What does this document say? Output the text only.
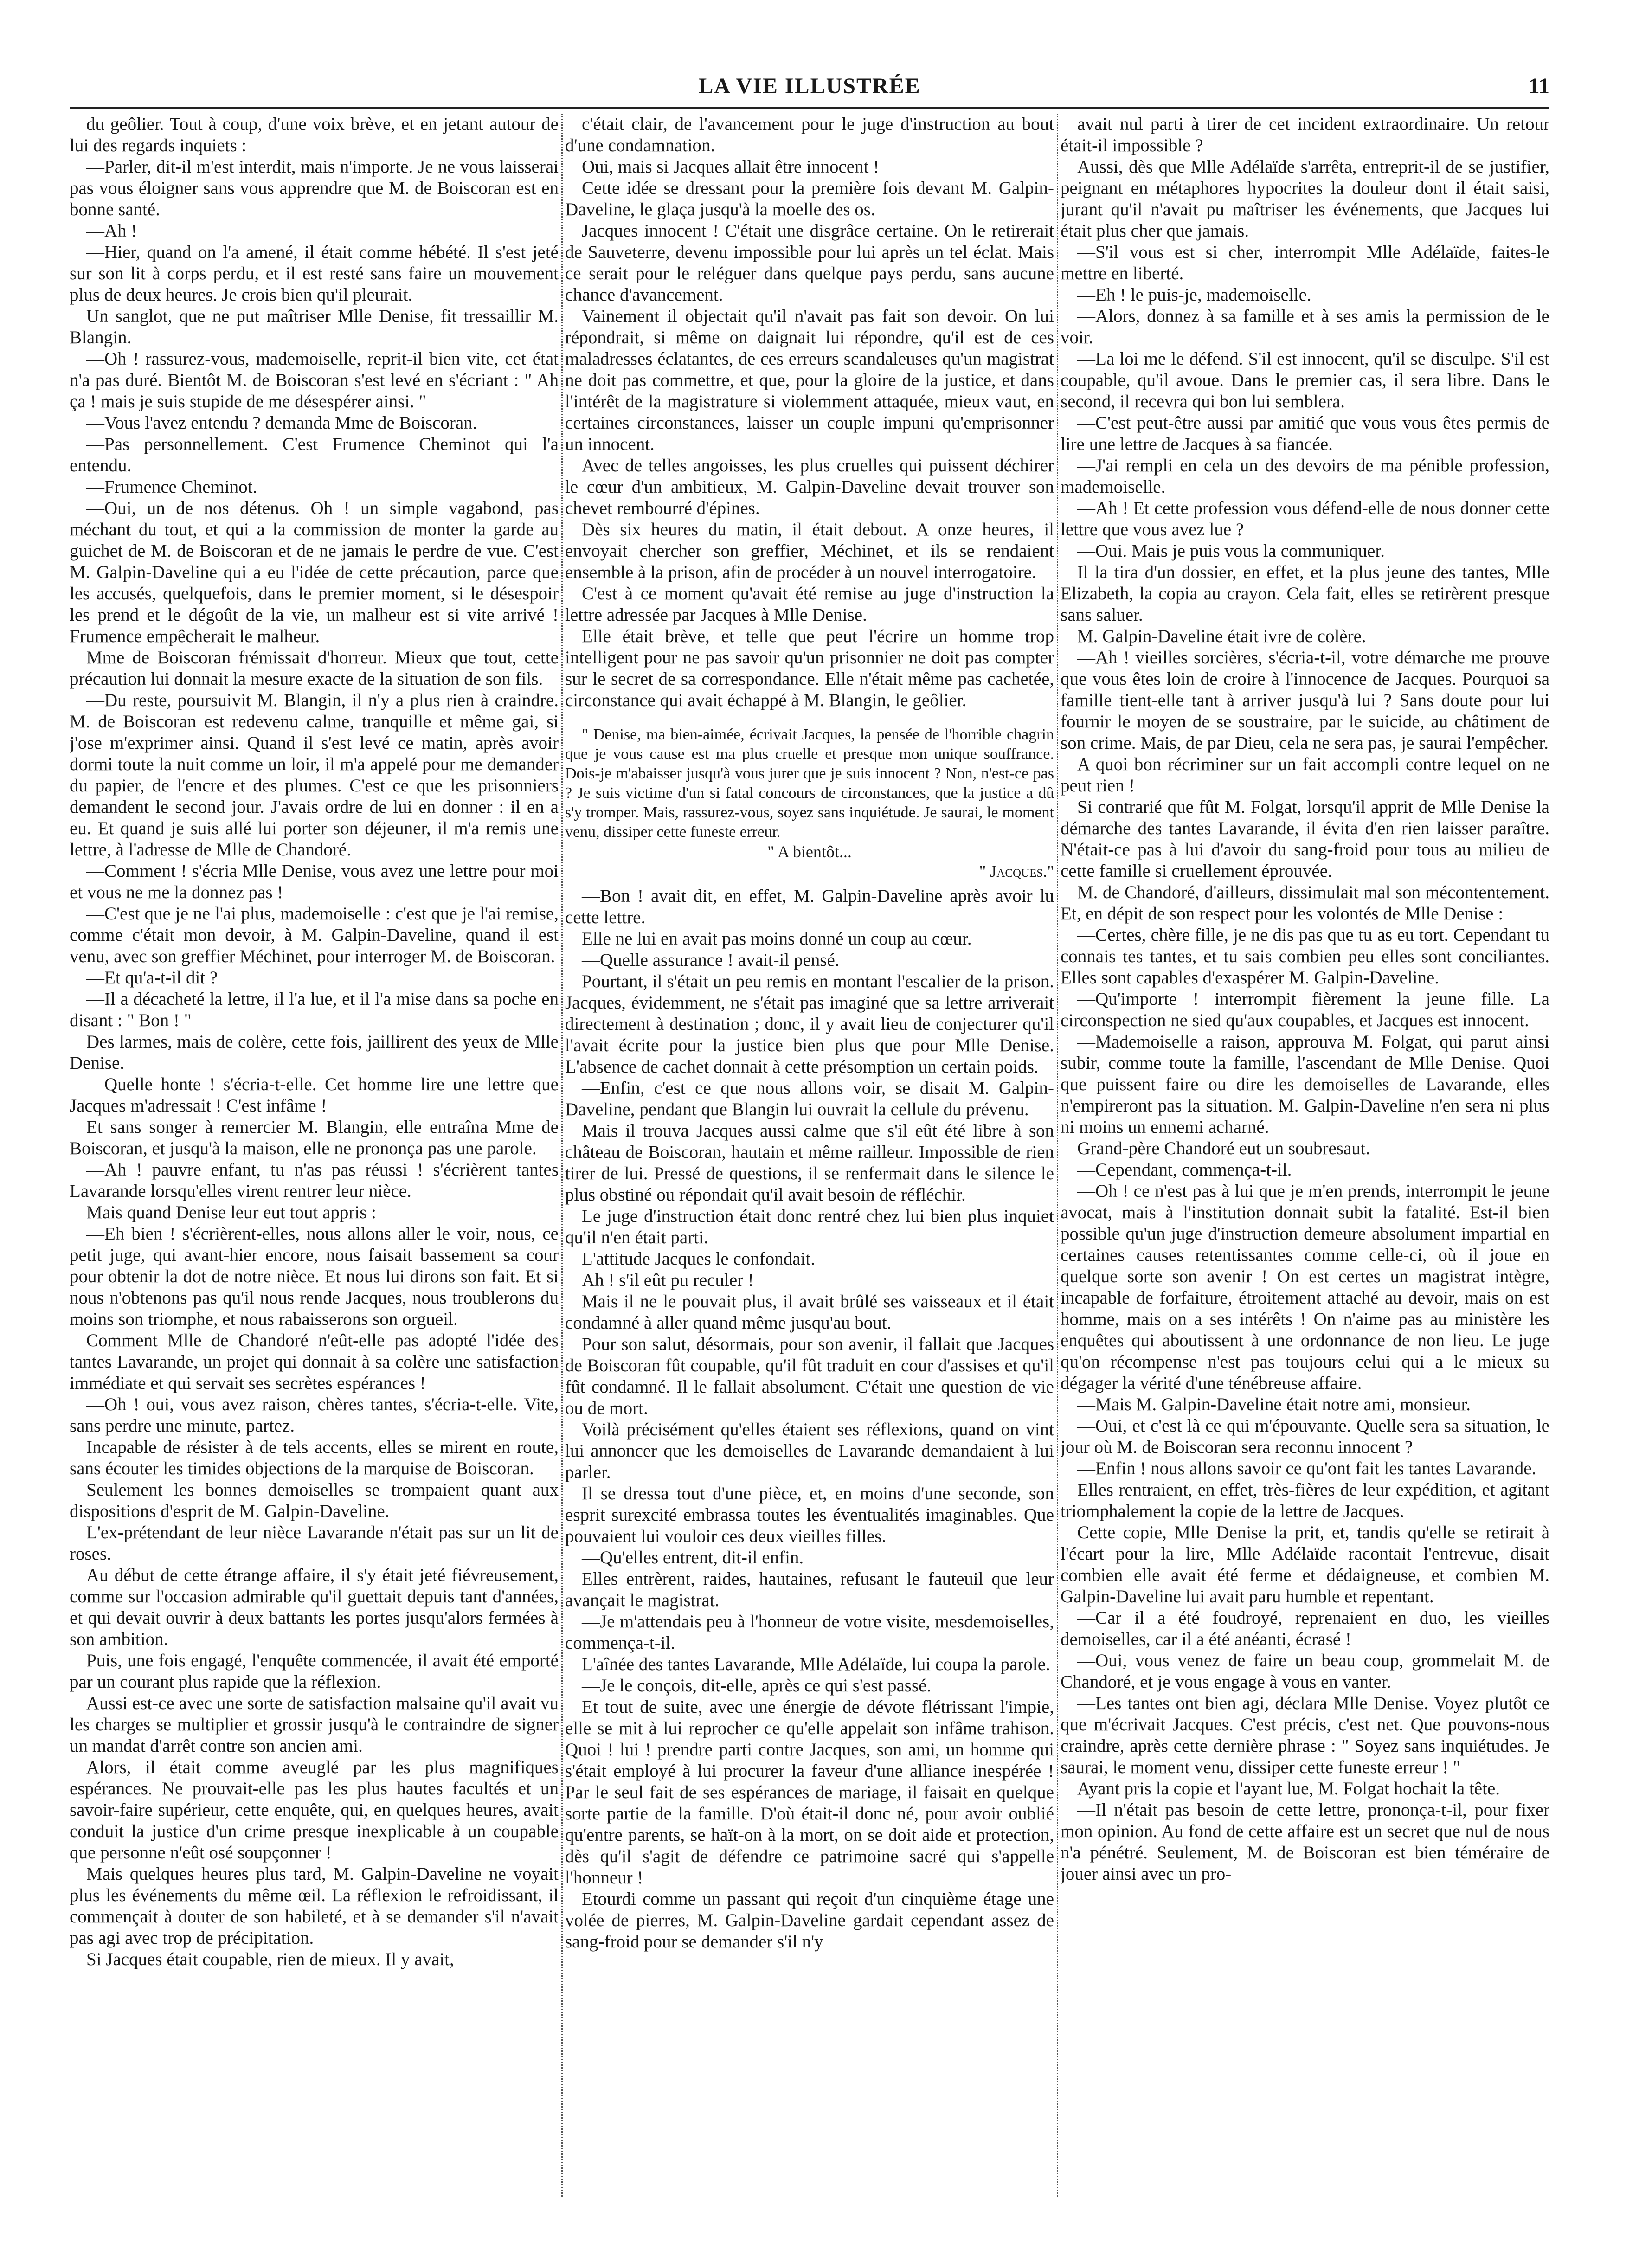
LA VIE ILLUSTRÉE	11

du geôlier. Tout à coup, d'une voix brève, et en jetant autour de lui des regards inquiets :

—Parler, dit-il m'est interdit, mais n'importe. Je ne vous laisserai pas vous éloigner sans vous apprendre que M. de Boiscoran est en bonne santé.

—Ah !

—Hier, quand on l'a amené, il était comme hébété. Il s'est jeté sur son lit à corps perdu, et il est resté sans faire un mouvement plus de deux heures. Je crois bien qu'il pleurait.

Un sanglot, que ne put maîtriser Mlle Denise, fit tressaillir M. Blangin.

—Oh ! rassurez-vous, mademoiselle, reprit-il bien vite, cet état n'a pas duré. Bientôt M. de Boiscoran s'est levé en s'écriant : " Ah ça ! mais je suis stupide de me désespérer ainsi. "

—Vous l'avez entendu ? demanda Mme de Boiscoran.

—Pas personnellement. C'est Frumence Cheminot qui l'a entendu.

—Frumence Cheminot.

—Oui, un de nos détenus. Oh ! un simple vagabond, pas méchant du tout, et qui a la commission de monter la garde au guichet de M. de Boiscoran et de ne jamais le perdre de vue. C'est M. Galpin-Daveline qui a eu l'idée de cette précaution, parce que les accusés, quelquefois, dans le premier moment, si le désespoir les prend et le dégoût de la vie, un malheur est si vite arrivé ! Frumence empêcherait le malheur.

Mme de Boiscoran frémissait d'horreur. Mieux que tout, cette précaution lui donnait la mesure exacte de la situation de son fils.

—Du reste, poursuivit M. Blangin, il n'y a plus rien à craindre. M. de Boiscoran est redevenu calme, tranquille et même gai, si j'ose m'exprimer ainsi. Quand il s'est levé ce matin, après avoir dormi toute la nuit comme un loir, il m'a appelé pour me demander du papier, de l'encre et des plumes. C'est ce que les prisonniers demandent le second jour. J'avais ordre de lui en donner : il en a eu. Et quand je suis allé lui porter son déjeuner, il m'a remis une lettre, à l'adresse de Mlle de Chandoré.

—Comment ! s'écria Mlle Denise, vous avez une lettre pour moi et vous ne me la donnez pas !

—C'est que je ne l'ai plus, mademoiselle : c'est que je l'ai remise, comme c'était mon devoir, à M. Galpin-Daveline, quand il est venu, avec son greffier Méchinet, pour interroger M. de Boiscoran.

—Et qu'a-t-il dit ?

—Il a décacheté la lettre, il l'a lue, et il l'a mise dans sa poche en disant : " Bon ! "

Des larmes, mais de colère, cette fois, jaillirent des yeux de Mlle Denise.

—Quelle honte ! s'écria-t-elle. Cet homme lire une lettre que Jacques m'adressait ! C'est infâme !

Et sans songer à remercier M. Blangin, elle entraîna Mme de Boiscoran, et jusqu'à la maison, elle ne prononça pas une parole.

—Ah ! pauvre enfant, tu n'as pas réussi ! s'écrièrent tantes Lavarande lorsqu'elles virent rentrer leur nièce.

Mais quand Denise leur eut tout appris :

—Eh bien ! s'écrièrent-elles, nous allons aller le voir, nous, ce petit juge, qui avant-hier encore, nous faisait bassement sa cour pour obtenir la dot de notre nièce. Et nous lui dirons son fait. Et si nous n'obtenons pas qu'il nous rende Jacques, nous troublerons du moins son triomphe, et nous rabaisserons son orgueil.

Comment Mlle de Chandoré n'eût-elle pas adopté l'idée des tantes Lavarande, un projet qui donnait à sa colère une satisfaction immédiate et qui servait ses secrètes espérances !

—Oh ! oui, vous avez raison, chères tantes, s'écria-t-elle. Vite, sans perdre une minute, partez.

Incapable de résister à de tels accents, elles se mirent en route, sans écouter les timides objections de la marquise de Boiscoran.

Seulement les bonnes demoiselles se trompaient quant aux dispositions d'esprit de M. Galpin-Daveline.

L'ex-prétendant de leur nièce Lavarande n'était pas sur un lit de roses.

Au début de cette étrange affaire, il s'y était jeté fiévreusement, comme sur l'occasion admirable qu'il guettait depuis tant d'années, et qui devait ouvrir à deux battants les portes jusqu'alors fermées à son ambition.

Puis, une fois engagé, l'enquête commencée, il avait été emporté par un courant plus rapide que la réflexion.

Aussi est-ce avec une sorte de satisfaction malsaine qu'il avait vu les charges se multiplier et grossir jusqu'à le contraindre de signer un mandat d'arrêt contre son ancien ami.

Alors, il était comme aveuglé par les plus magnifiques espérances. Ne prouvait-elle pas les plus hautes facultés et un savoir-faire supérieur, cette enquête, qui, en quelques heures, avait conduit la justice d'un crime presque inexplicable à un coupable que personne n'eût osé soupçonner !

Mais quelques heures plus tard, M. Galpin-Daveline ne voyait plus les événements du même œil. La réflexion le refroidissant, il commençait à douter de son habileté, et à se demander s'il n'avait pas agi avec trop de précipitation.

Si Jacques était coupable, rien de mieux. Il y avait,

c'était clair, de l'avancement pour le juge d'instruction au bout d'une condamnation.

Oui, mais si Jacques allait être innocent !

Cette idée se dressant pour la première fois devant M. Galpin-Daveline, le glaça jusqu'à la moelle des os.

Jacques innocent ! C'était une disgrâce certaine. On le retirerait de Sauveterre, devenu impossible pour lui après un tel éclat. Mais ce serait pour le reléguer dans quelque pays perdu, sans aucune chance d'avancement.

Vainement il objectait qu'il n'avait pas fait son devoir. On lui répondrait, si même on daignait lui répondre, qu'il est de ces maladresses éclatantes, de ces erreurs scandaleuses qu'un magistrat ne doit pas commettre, et que, pour la gloire de la justice, et dans l'intérêt de la magistrature si violemment attaquée, mieux vaut, en certaines circonstances, laisser un couple impuni qu'emprisonner un innocent.

Avec de telles angoisses, les plus cruelles qui puissent déchirer le cœur d'un ambitieux, M. Galpin-Daveline devait trouver son chevet rembourré d'épines.

Dès six heures du matin, il était debout. A onze heures, il envoyait chercher son greffier, Méchinet, et ils se rendaient ensemble à la prison, afin de procéder à un nouvel interrogatoire.

C'est à ce moment qu'avait été remise au juge d'instruction la lettre adressée par Jacques à Mlle Denise.

Elle était brève, et telle que peut l'écrire un homme trop intelligent pour ne pas savoir qu'un prisonnier ne doit pas compter sur le secret de sa correspondance. Elle n'était même pas cachetée, circonstance qui avait échappé à M. Blangin, le geôlier.

" Denise, ma bien-aimée, écrivait Jacques, la pensée de l'horrible chagrin que je vous cause est ma plus cruelle et presque mon unique souffrance. Dois-je m'abaisser jusqu'à vous jurer que je suis innocent ? Non, n'est-ce pas ? Je suis victime d'un si fatal concours de circonstances, que la justice a dû s'y tromper. Mais, rassurez-vous, soyez sans inquiétude. Je saurai, le moment venu, dissiper cette funeste erreur.

" A bientôt...

" Jacques."

—Bon ! avait dit, en effet, M. Galpin-Daveline après avoir lu cette lettre.

Elle ne lui en avait pas moins donné un coup au cœur.

—Quelle assurance ! avait-il pensé.

Pourtant, il s'était un peu remis en montant l'escalier de la prison. Jacques, évidemment, ne s'était pas imaginé que sa lettre arriverait directement à destination ; donc, il y avait lieu de conjecturer qu'il l'avait écrite pour la justice bien plus que pour Mlle Denise. L'absence de cachet donnait à cette présomption un certain poids.

—Enfin, c'est ce que nous allons voir, se disait M. Galpin-Daveline, pendant que Blangin lui ouvrait la cellule du prévenu.

Mais il trouva Jacques aussi calme que s'il eût été libre à son château de Boiscoran, hautain et même railleur. Impossible de rien tirer de lui. Pressé de questions, il se renfermait dans le silence le plus obstiné ou répondait qu'il avait besoin de réfléchir.

Le juge d'instruction était donc rentré chez lui bien plus inquiet qu'il n'en était parti.

L'attitude Jacques le confondait.

Ah ! s'il eût pu reculer !

Mais il ne le pouvait plus, il avait brûlé ses vaisseaux et il était condamné à aller quand même jusqu'au bout.

Pour son salut, désormais, pour son avenir, il fallait que Jacques de Boiscoran fût coupable, qu'il fût traduit en cour d'assises et qu'il fût condamné. Il le fallait absolument. C'était une question de vie ou de mort.

Voilà précisément qu'elles étaient ses réflexions, quand on vint lui annoncer que les demoiselles de Lavarande demandaient à lui parler.

Il se dressa tout d'une pièce, et, en moins d'une seconde, son esprit surexcité embrassa toutes les éventualités imaginables. Que pouvaient lui vouloir ces deux vieilles filles.

—Qu'elles entrent, dit-il enfin.

Elles entrèrent, raides, hautaines, refusant le fauteuil que leur avançait le magistrat.

—Je m'attendais peu à l'honneur de votre visite, mesdemoiselles, commença-t-il.

L'aînée des tantes Lavarande, Mlle Adélaïde, lui coupa la parole.

—Je le conçois, dit-elle, après ce qui s'est passé.

Et tout de suite, avec une énergie de dévote flétrissant l'impie, elle se mit à lui reprocher ce qu'elle appelait son infâme trahison. Quoi ! lui ! prendre parti contre Jacques, son ami, un homme qui s'était employé à lui procurer la faveur d'une alliance inespérée ! Par le seul fait de ses espérances de mariage, il faisait en quelque sorte partie de la famille. D'où était-il donc né, pour avoir oublié qu'entre parents, se haït-on à la mort, on se doit aide et protection, dès qu'il s'agit de défendre ce patrimoine sacré qui s'appelle l'honneur !

Etourdi comme un passant qui reçoit d'un cinquième étage une volée de pierres, M. Galpin-Daveline gardait cependant assez de sang-froid pour se demander s'il n'y

avait nul parti à tirer de cet incident extraordinaire. Un retour était-il impossible ?

Aussi, dès que Mlle Adélaïde s'arrêta, entreprit-il de se justifier, peignant en métaphores hypocrites la douleur dont il était saisi, jurant qu'il n'avait pu maîtriser les événements, que Jacques lui était plus cher que jamais.

—S'il vous est si cher, interrompit Mlle Adélaïde, faites-le mettre en liberté.

—Eh ! le puis-je, mademoiselle.

—Alors, donnez à sa famille et à ses amis la permission de le voir.

—La loi me le défend. S'il est innocent, qu'il se disculpe. S'il est coupable, qu'il avoue. Dans le premier cas, il sera libre. Dans le second, il recevra qui bon lui semblera.

—C'est peut-être aussi par amitié que vous vous êtes permis de lire une lettre de Jacques à sa fiancée.

—J'ai rempli en cela un des devoirs de ma pénible profession, mademoiselle.

—Ah ! Et cette profession vous défend-elle de nous donner cette lettre que vous avez lue ?

—Oui. Mais je puis vous la communiquer.

Il la tira d'un dossier, en effet, et la plus jeune des tantes, Mlle Elizabeth, la copia au crayon. Cela fait, elles se retirèrent presque sans saluer.

M. Galpin-Daveline était ivre de colère.

—Ah ! vieilles sorcières, s'écria-t-il, votre démarche me prouve que vous êtes loin de croire à l'innocence de Jacques. Pourquoi sa famille tient-elle tant à arriver jusqu'à lui ? Sans doute pour lui fournir le moyen de se soustraire, par le suicide, au châtiment de son crime. Mais, de par Dieu, cela ne sera pas, je saurai l'empêcher.

A quoi bon récriminer sur un fait accompli contre lequel on ne peut rien !

Si contrarié que fût M. Folgat, lorsqu'il apprit de Mlle Denise la démarche des tantes Lavarande, il évita d'en rien laisser paraître. N'était-ce pas à lui d'avoir du sang-froid pour tous au milieu de cette famille si cruellement éprouvée.

M. de Chandoré, d'ailleurs, dissimulait mal son mécontentement. Et, en dépit de son respect pour les volontés de Mlle Denise :

—Certes, chère fille, je ne dis pas que tu as eu tort. Cependant tu connais tes tantes, et tu sais combien peu elles sont conciliantes. Elles sont capables d'exaspérer M. Galpin-Daveline.

—Qu'importe ! interrompit fièrement la jeune fille. La circonspection ne sied qu'aux coupables, et Jacques est innocent.

—Mademoiselle a raison, approuva M. Folgat, qui parut ainsi subir, comme toute la famille, l'ascendant de Mlle Denise. Quoi que puissent faire ou dire les demoiselles de Lavarande, elles n'empireront pas la situation. M. Galpin-Daveline n'en sera ni plus ni moins un ennemi acharné.

Grand-père Chandoré eut un soubresaut.

—Cependant, commença-t-il.

—Oh ! ce n'est pas à lui que je m'en prends, interrompit le jeune avocat, mais à l'institution donnait subit la fatalité. Est-il bien possible qu'un juge d'instruction demeure absolument impartial en certaines causes retentissantes comme celle-ci, où il joue en quelque sorte son avenir ! On est certes un magistrat intègre, incapable de forfaiture, étroitement attaché au devoir, mais on est homme, mais on a ses intérêts ! On n'aime pas au ministère les enquêtes qui aboutissent à une ordonnance de non lieu. Le juge qu'on récompense n'est pas toujours celui qui a le mieux su dégager la vérité d'une ténébreuse affaire.

—Mais M. Galpin-Daveline était notre ami, monsieur.

—Oui, et c'est là ce qui m'épouvante. Quelle sera sa situation, le jour où M. de Boiscoran sera reconnu innocent ?

—Enfin ! nous allons savoir ce qu'ont fait les tantes Lavarande.

Elles rentraient, en effet, très-fières de leur expédition, et agitant triomphalement la copie de la lettre de Jacques.

Cette copie, Mlle Denise la prit, et, tandis qu'elle se retirait à l'écart pour la lire, Mlle Adélaïde racontait l'entrevue, disait combien elle avait été ferme et dédaigneuse, et combien M. Galpin-Daveline lui avait paru humble et repentant.

—Car il a été foudroyé, reprenaient en duo, les vieilles demoiselles, car il a été anéanti, écrasé !

—Oui, vous venez de faire un beau coup, grommelait M. de Chandoré, et je vous engage à vous en vanter.

—Les tantes ont bien agi, déclara Mlle Denise. Voyez plutôt ce que m'écrivait Jacques. C'est précis, c'est net. Que pouvons-nous craindre, après cette dernière phrase : " Soyez sans inquiétudes. Je saurai, le moment venu, dissiper cette funeste erreur ! "

Ayant pris la copie et l'ayant lue, M. Folgat hochait la tête.

—Il n'était pas besoin de cette lettre, prononça-t-il, pour fixer mon opinion. Au fond de cette affaire est un secret que nul de nous n'a pénétré. Seulement, M. de Boiscoran est bien téméraire de jouer ainsi avec un pro-
